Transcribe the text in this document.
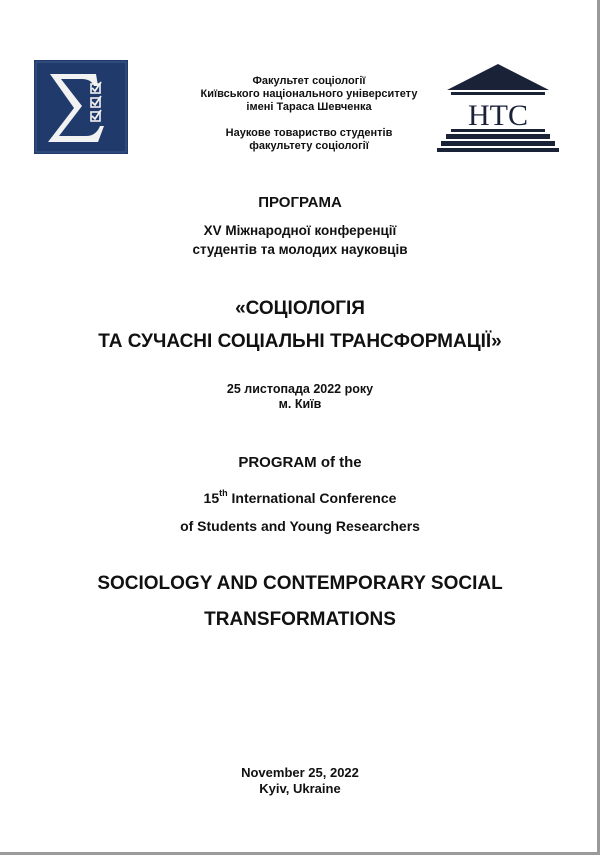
Факультет соціології
Київського національного університету
імені Тараса Шевченка
Наукове товариство студентів
факультету соціології
НТС
ПРОГРАМА
XV Міжнародної конференції
студентів та молодих науковців
«СОЦІОЛОГІЯ
ТА СУЧАСНІ СОЦІАЛЬНІ ТРАНСФОРМАЦІЇ»
25 листопада 2022 року
м. Київ
PROGRAM of the
15th International Conference
of Students and Young Researchers
SOCIOLOGY AND CONTEMPORARY SOCIAL
TRANSFORMATIONS
November 25, 2022
Kyiv, Ukraine
